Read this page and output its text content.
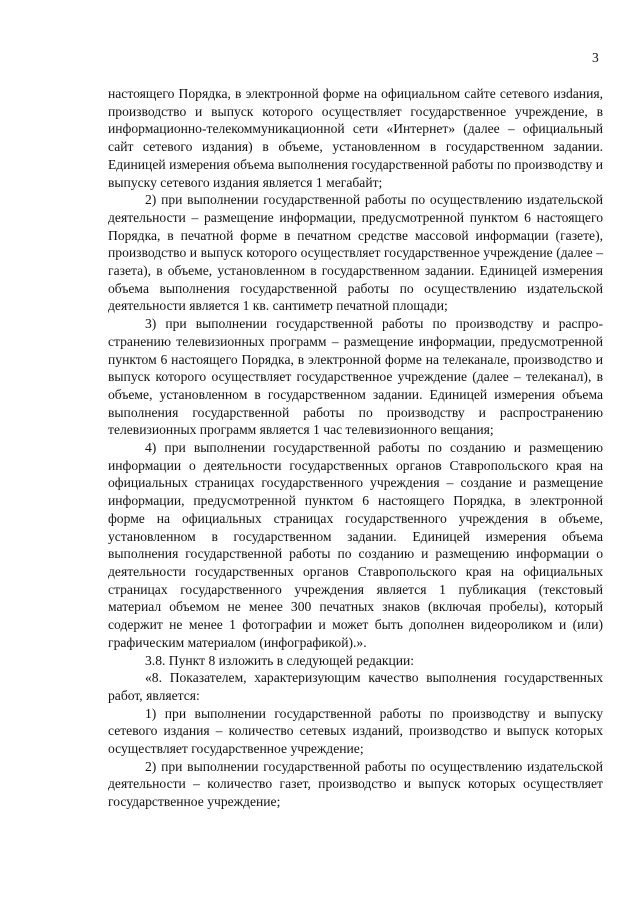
3

настоящего Порядка, в электронной форме на официальном сайте сетевого изdания, производство и выпуск которого осуществляет государственное учреждение, в информационно-телекоммуникационной сети «Интернет» (далее – официальный сайт сетевого издания) в объеме, установленном в государственном задании. Единицей измерения объема выполнения государственной работы по производству и выпуску сетевого издания является 1 мегабайт;

2) при выполнении государственной работы по осуществлению издательской деятельности – размещение информации, предусмотренной пунктом 6 настоящего Порядка, в печатной форме в печатном средстве массовой информации (газете), производство и выпуск которого осуществляет государственное учреждение (далее – газета), в объеме, установленном в государственном задании. Единицей измерения объема выполнения государственной работы по осуществлению издательской деятельности является 1 кв. сантиметр печатной площади;

3) при выполнении государственной работы по производству и распространению телевизионных программ – размещение информации, предусмотренной пунктом 6 настоящего Порядка, в электронной форме на телеканале, производство и выпуск которого осуществляет государственное учреждение (далее – телеканал), в объеме, установленном в государственном задании. Единицей измерения объема выполнения государственной работы по производству и распространению телевизионных программ является 1 час телевизионного вещания;

4) при выполнении государственной работы по созданию и размещению информации о деятельности государственных органов Ставропольского края на официальных страницах государственного учреждения – создание и размещение информации, предусмотренной пунктом 6 настоящего Порядка, в электронной форме на официальных страницах государственного учреждения в объеме, установленном в государственном задании. Единицей измерения объема выполнения государственной работы по созданию и размещению информации о деятельности государственных органов Ставропольского края на официальных страницах государственного учреждения является 1 публикация (текстовый материал объемом не менее 300 печатных знаков (включая пробелы), который содержит не менее 1 фотографии и может быть дополнен видеороликом и (или) графическим материалом (инфографикой).».

3.8. Пункт 8 изложить в следующей редакции:

«8. Показателем, характеризующим качество выполнения государственных работ, является:

1) при выполнении государственной работы по производству и выпуску сетевого издания – количество сетевых изданий, производство и выпуск которых осуществляет государственное учреждение;

2) при выполнении государственной работы по осуществлению издательской деятельности – количество газет, производство и выпуск которых осуществляет государственное учреждение;
